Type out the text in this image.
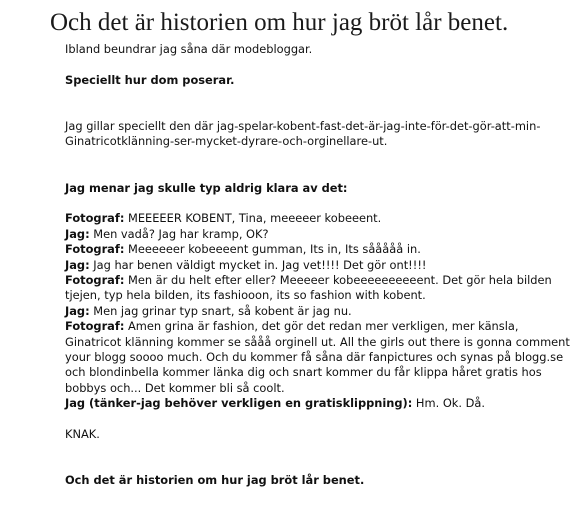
Och det är historien om hur jag bröt lår benet.

Ibland beundrar jag såna där modebloggar.

Speciellt hur dom poserar.

Jag gillar speciellt den där jag-spelar-kobent-fast-det-är-jag-inte-för-det-gör-att-min-Ginatricotklänning-ser-mycket-dyrare-och-orginellare-ut.

Jag menar jag skulle typ aldrig klara av det:

Fotograf: MEEEEER KOBENT, Tina, meeeeer kobeeent.

Jag: Men vadå? Jag har kramp, OK?

Fotograf: Meeeeeer kobeeeent gumman, Its in, Its sååååå in.

Jag: Jag har benen väldigt mycket in. Jag vet!!!! Det gör ont!!!!

Fotograf: Men är du helt efter eller? Meeeeer kobeeeeeeeeeent. Det gör hela bilden tjejen, typ hela bilden, its fashiooon, its so fashion with kobent.

Jag: Men jag grinar typ snart, så kobent är jag nu.

Fotograf: Amen grina är fashion, det gör det redan mer verkligen, mer känsla, Ginatricot klänning kommer se sååå orginell ut. All the girls out there is gonna comment your blogg soooo much. Och du kommer få såna där fanpictures och synas på blogg.se och blondinbella kommer länka dig och snart kommer du får klippa håret gratis hos bobbys och... Det kommer bli så coolt.

Jag (tänker-jag behöver verkligen en gratisklippning): Hm. Ok. Då.

KNAK.

Och det är historien om hur jag bröt lår benet.
